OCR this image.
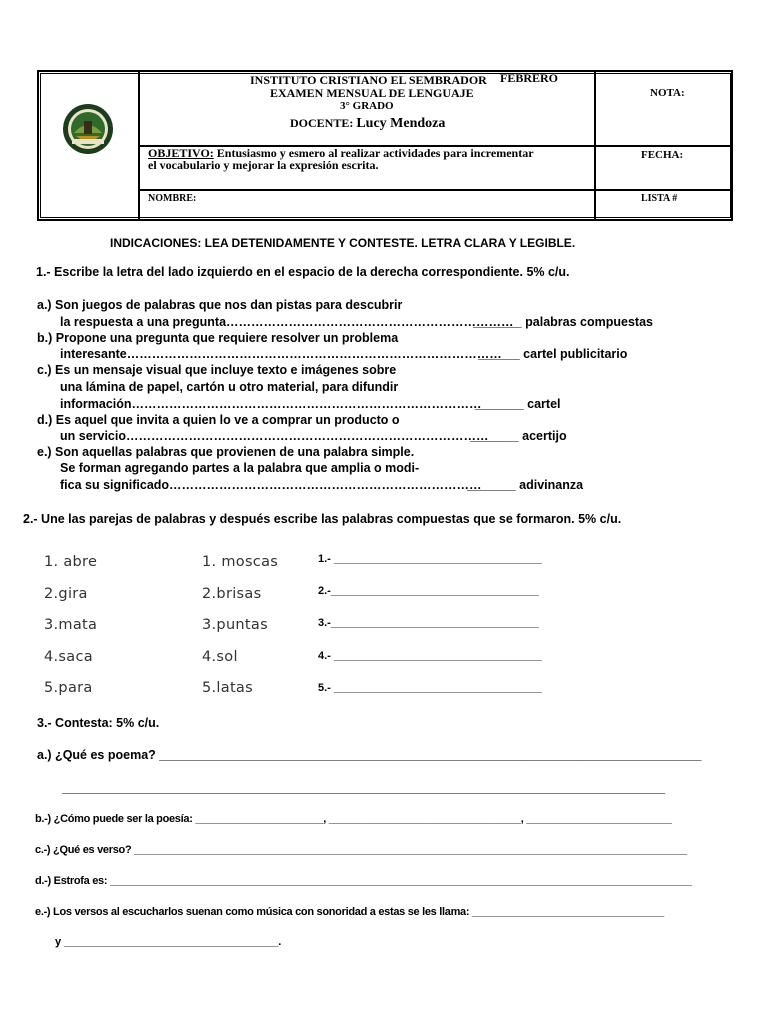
INSTITUTO CRISTIANO EL SEMBRADOR FEBRERO
EXAMEN MENSUAL DE LENGUAJE
3° GRADO
DOCENTE: Lucy Mendoza
NOTA:
OBJETIVO: Entusiasmo y esmero al realizar actividades para incrementar
el vocabulario y mejorar la expresión escrita.
FECHA:
NOMBRE:	LISTA #
INDICACIONES: LEA DETENIDAMENTE Y CONTESTE. LETRA CLARA Y LEGIBLE.
1.- Escribe la letra del lado izquierdo en el espacio de la derecha correspondiente. 5% c/u.
a.) Son juegos de palabras que nos dan pistas para descubrir
la respuesta a una pregunta……………………………………………………………
_______ palabras compuestas
b.) Propone una pregunta que requiere resolver un problema
interesante………………………………………………………………………………
______ cartel publicitario
c.) Es un mensaje visual que incluye texto e imágenes sobre
una lámina de papel, cartón u otro material, para difundir
información…………………………………………………………………………
_______ cartel
d.) Es aquel que invita a quien lo ve a comprar un producto o
un servicio……………………………………………………………………………
_______ acertijo
e.) Son aquellas palabras que provienen de una palabra simple.
Se forman agregando partes a la palabra que amplia o modi-
fica su significado…………………………………………………………………
_______ adivinanza
2.- Une las parejas de palabras y después escribe las palabras compuestas que se formaron. 5% c/u.
1. abre
2.gira
3.mata
4.saca
5.para
1. moscas
2.brisas
3.puntas
4.sol
5.latas
1.- __________________________________
2.-__________________________________
3.-__________________________________
4.- __________________________________
5.- __________________________________
3.- Contesta: 5% c/u.
a.) ¿Qué es poema? ______________________________________________________________________________
____________________________________________________________________________________________
b.-) ¿Cómo puede ser la poesía: ______________________, _________________________________, _________________________
c.-) ¿Qué es verso? _______________________________________________________________________________________________
d.-) Estrofa es: ____________________________________________________________________________________________________
e.-) Los versos al escucharlos suenan como música con sonoridad a estas se les llama: _________________________________
y ___________________________________.
